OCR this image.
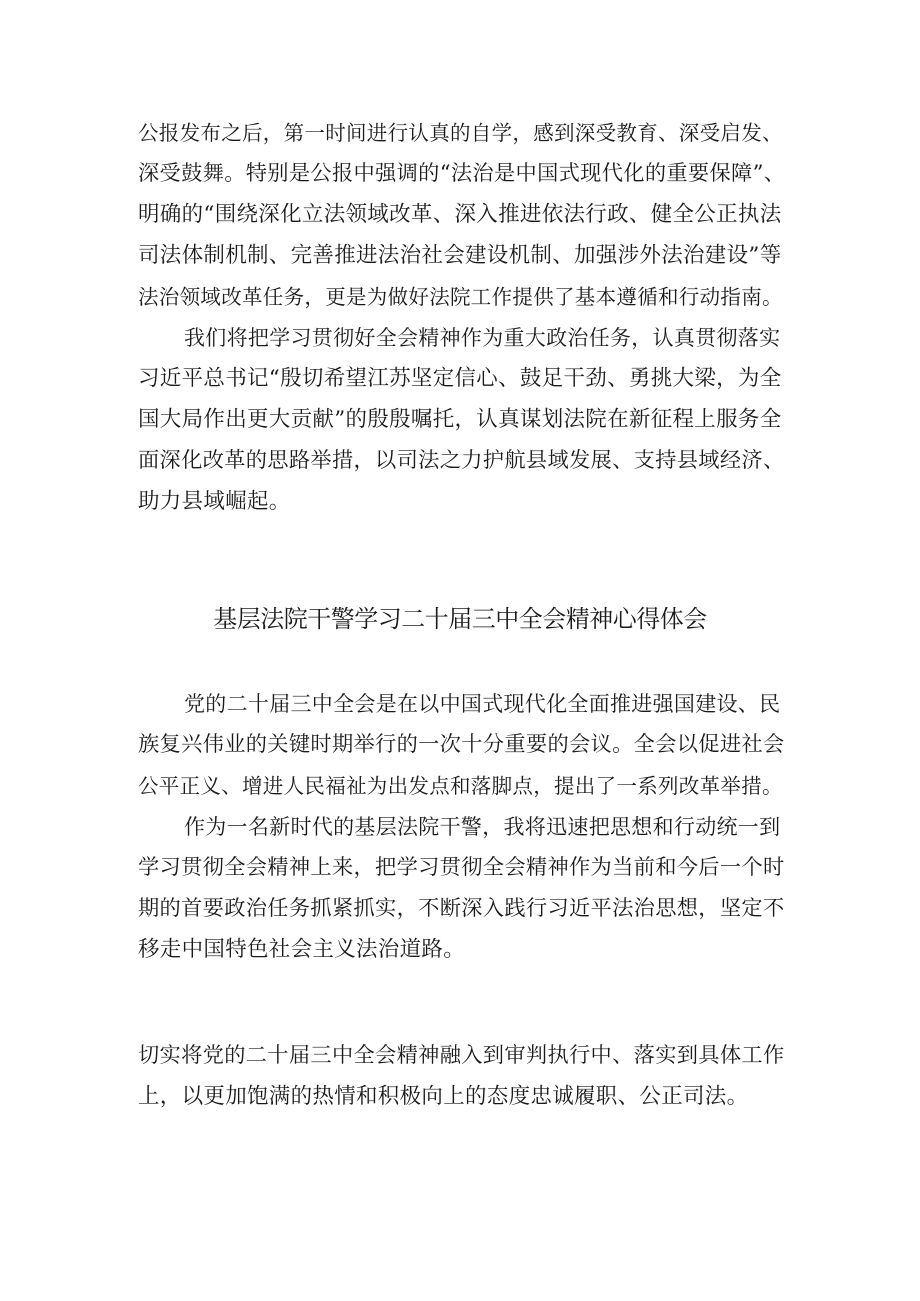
公报发布之后，第一时间进行认真的自学，感到深受教育、深受启发、
深受鼓舞。特别是公报中强调的“法治是中国式现代化的重要保障”、
明确的“围绕深化立法领域改革、深入推进依法行政、健全公正执法
司法体制机制、完善推进法治社会建设机制、加强涉外法治建设”等
法治领域改革任务，更是为做好法院工作提供了基本遵循和行动指南。
我们将把学习贯彻好全会精神作为重大政治任务，认真贯彻落实
习近平总书记“殷切希望江苏坚定信心、鼓足干劲、勇挑大梁，为全
国大局作出更大贡献”的殷殷嘱托，认真谋划法院在新征程上服务全
面深化改革的思路举措，以司法之力护航县域发展、支持县域经济、
助力县域崛起。
基层法院干警学习二十届三中全会精神心得体会
党的二十届三中全会是在以中国式现代化全面推进强国建设、民
族复兴伟业的关键时期举行的一次十分重要的会议。全会以促进社会
公平正义、增进人民福祉为出发点和落脚点，提出了一系列改革举措。
作为一名新时代的基层法院干警，我将迅速把思想和行动统一到
学习贯彻全会精神上来，把学习贯彻全会精神作为当前和今后一个时
期的首要政治任务抓紧抓实，不断深入践行习近平法治思想，坚定不
移走中国特色社会主义法治道路。
切实将党的二十届三中全会精神融入到审判执行中、落实到具体工作
上，以更加饱满的热情和积极向上的态度忠诚履职、公正司法。
